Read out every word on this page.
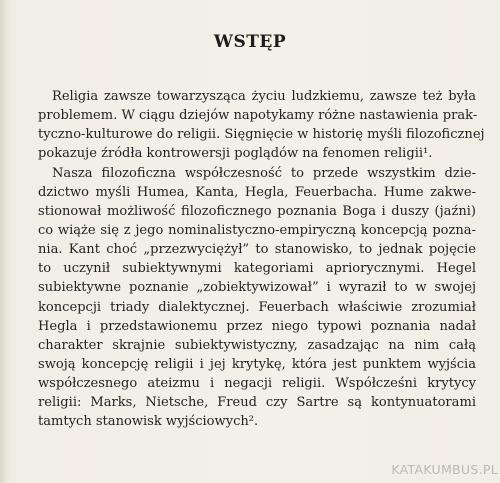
WSTĘP
Religia zawsze towarzysząca życiu ludzkiemu, zawsze też była
problemem. W ciągu dziejów napotykamy różne nastawienia prak-
tyczno-kulturowe do religii. Sięgnięcie w historię myśli filozoficznej
pokazuje źródła kontrowersji poglądów na fenomen religii¹.
Nasza filozoficzna współczesność to przede wszystkim dzie-
dzictwo myśli Humea, Kanta, Hegla, Feuerbacha. Hume zakwe-
stionował możliwość filozoficznego poznania Boga i duszy (jaźni)
co wiąże się z jego nominalistyczno-empiryczną koncepcją pozna-
nia. Kant choć „przezwyciężył” to stanowisko, to jednak pojęcie
to uczynił subiektywnymi kategoriami apriorycznymi. Hegel
subiektywne poznanie „zobiektywizował” i wyraził to w swojej
koncepcji triady dialektycznej. Feuerbach właściwie zrozumiał
Hegla i przedstawionemu przez niego typowi poznania nadał
charakter skrajnie subiektywistyczny, zasadzając na nim całą
swoją koncepcję religii i jej krytykę, która jest punktem wyjścia
współczesnego ateizmu i negacji religii. Współcześni krytycy
religii: Marks, Nietsche, Freud czy Sartre są kontynuatorami
tamtych stanowisk wyjściowych².
KATAKUMBUS.PL
